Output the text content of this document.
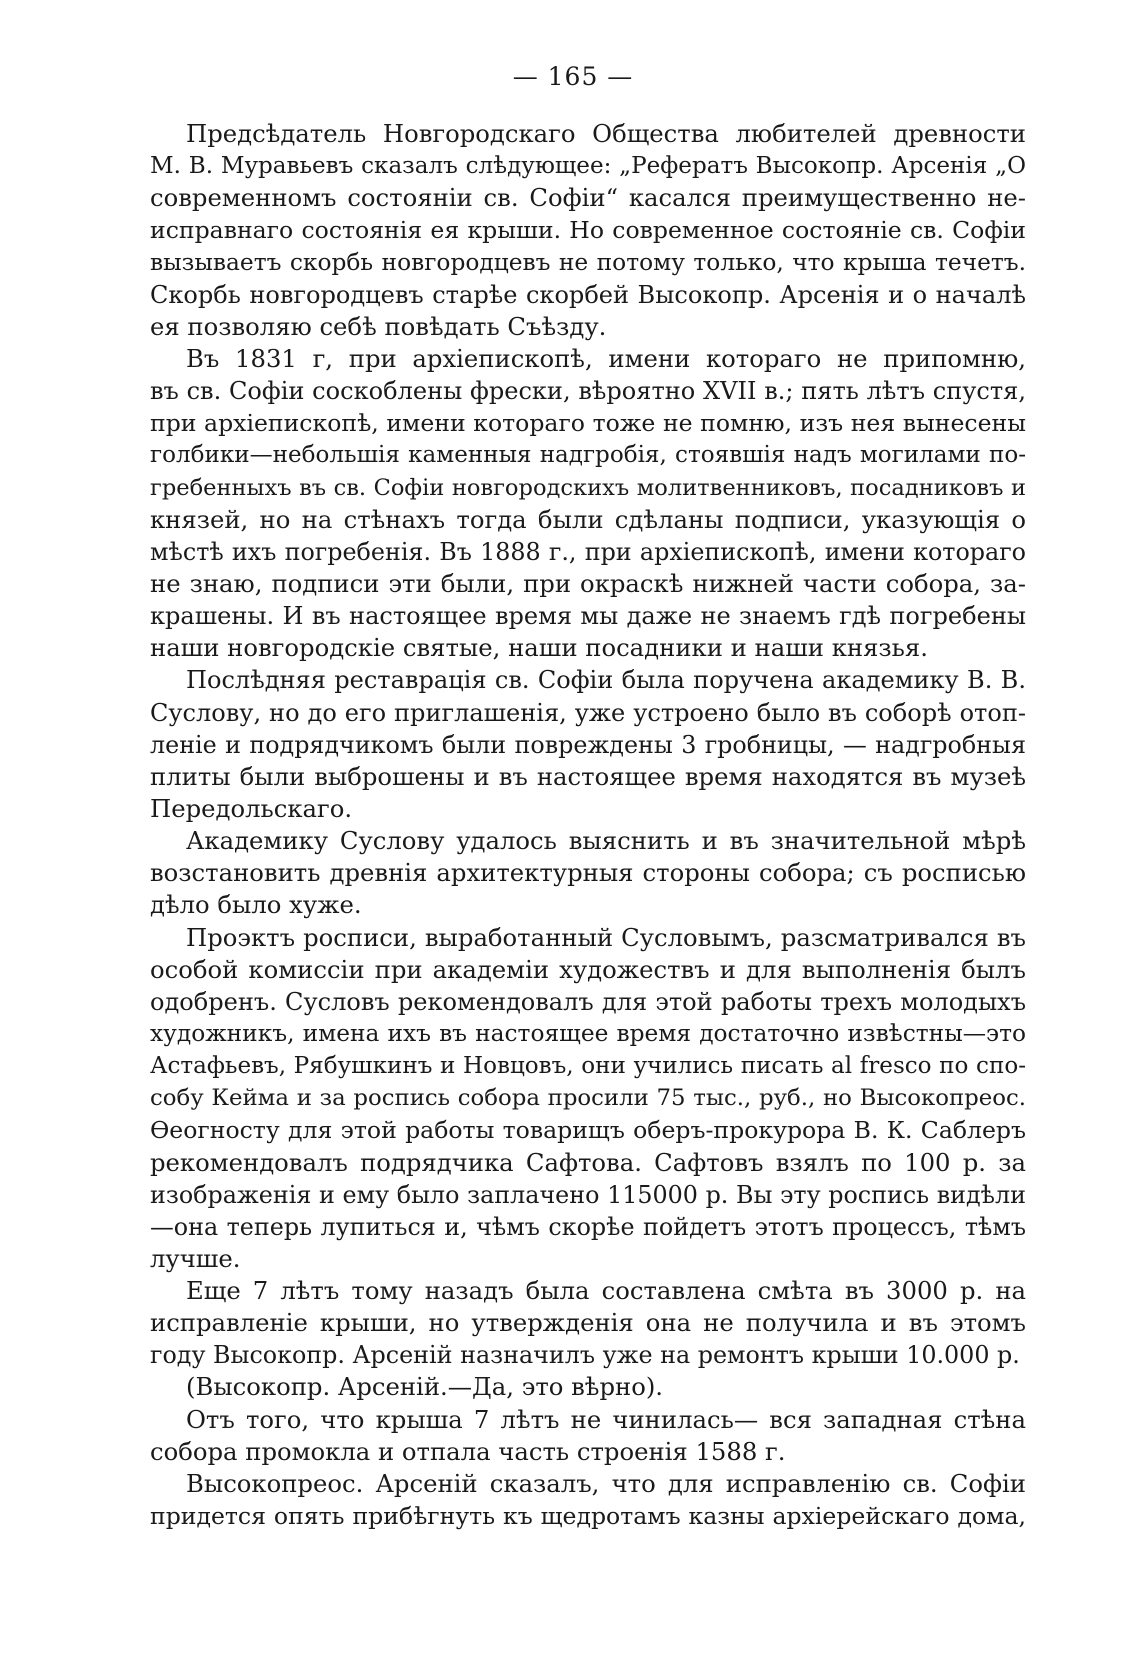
— 165 —
Предсѣдатель Новгородскаго Общества любителей древности
М. В. Муравьевъ сказалъ слѣдующее: „Рефератъ Высокопр. Арсенія „О
современномъ состояніи св. Софіи“ касался преимущественно не-
исправнаго состоянія ея крыши. Но современное состояніе св. Софіи
вызываетъ скорбь новгородцевъ не потому только, что крыша течетъ.
Скорбь новгородцевъ старѣе скорбей Высокопр. Арсенія и о началѣ
ея позволяю себѣ повѣдать Съѣзду.
Въ 1831 г, при архіепископѣ, имени котораго не припомню,
въ св. Софіи соскоблены фрески, вѣроятно XVII в.; пять лѣтъ спустя,
при архіепископѣ, имени котораго тоже не помню, изъ нея вынесены
голбики—небольшія каменныя надгробія, стоявшія надъ могилами по-
гребенныхъ въ св. Софіи новгородскихъ молитвенниковъ, посадниковъ и
князей, но на стѣнахъ тогда были сдѣланы подписи, указующія о
мѣстѣ ихъ погребенія. Въ 1888 г., при архіепископѣ, имени котораго
не знаю, подписи эти были, при окраскѣ нижней части собора, за-
крашены. И въ настоящее время мы даже не знаемъ гдѣ погребены
наши новгородскіе святые, наши посадники и наши князья.
Послѣдняя реставрація св. Софіи была поручена академику В. В.
Суслову, но до его приглашенія, уже устроено было въ соборѣ отоп-
леніе и подрядчикомъ были повреждены 3 гробницы, — надгробныя
плиты были выброшены и въ настоящее время находятся въ музеѣ
Передольскаго.
Академику Суслову удалось выяснить и въ значительной мѣрѣ
возстановить древнія архитектурныя стороны собора; съ росписью
дѣло было хуже.
Проэктъ росписи, выработанный Сусловымъ, разсматривался въ
особой комиссіи при академіи художествъ и для выполненія былъ
одобренъ. Сусловъ рекомендовалъ для этой работы трехъ молодыхъ
художникъ, имена ихъ въ настоящее время достаточно извѣстны—это
Астафьевъ, Рябушкинъ и Новцовъ, они учились писать al fresco по спо-
собу Кейма и за роспись собора просили 75 тыс., руб., но Высокопреос.
Ѳеогносту для этой работы товарищъ оберъ-прокурора В. К. Саблеръ
рекомендовалъ подрядчика Сафтова. Сафтовъ взялъ по 100 р. за
изображенія и ему было заплачено 115000 р. Вы эту роспись видѣли
—она теперь лупиться и, чѣмъ скорѣе пойдетъ этотъ процессъ, тѣмъ
лучше.
Еще 7 лѣтъ тому назадъ была составлена смѣта въ 3000 р. на
исправленіе крыши, но утвержденія она не получила и въ этомъ
году Высокопр. Арсеній назначилъ уже на ремонтъ крыши 10.000 р.
(Высокопр. Арсеній.—Да, это вѣрно).
Отъ того, что крыша 7 лѣтъ не чинилась— вся западная стѣна
собора промокла и отпала часть строенія 1588 г.
Высокопреос. Арсеній сказалъ, что для исправленію св. Софіи
придется опять прибѣгнуть къ щедротамъ казны архіерейскаго дома,
